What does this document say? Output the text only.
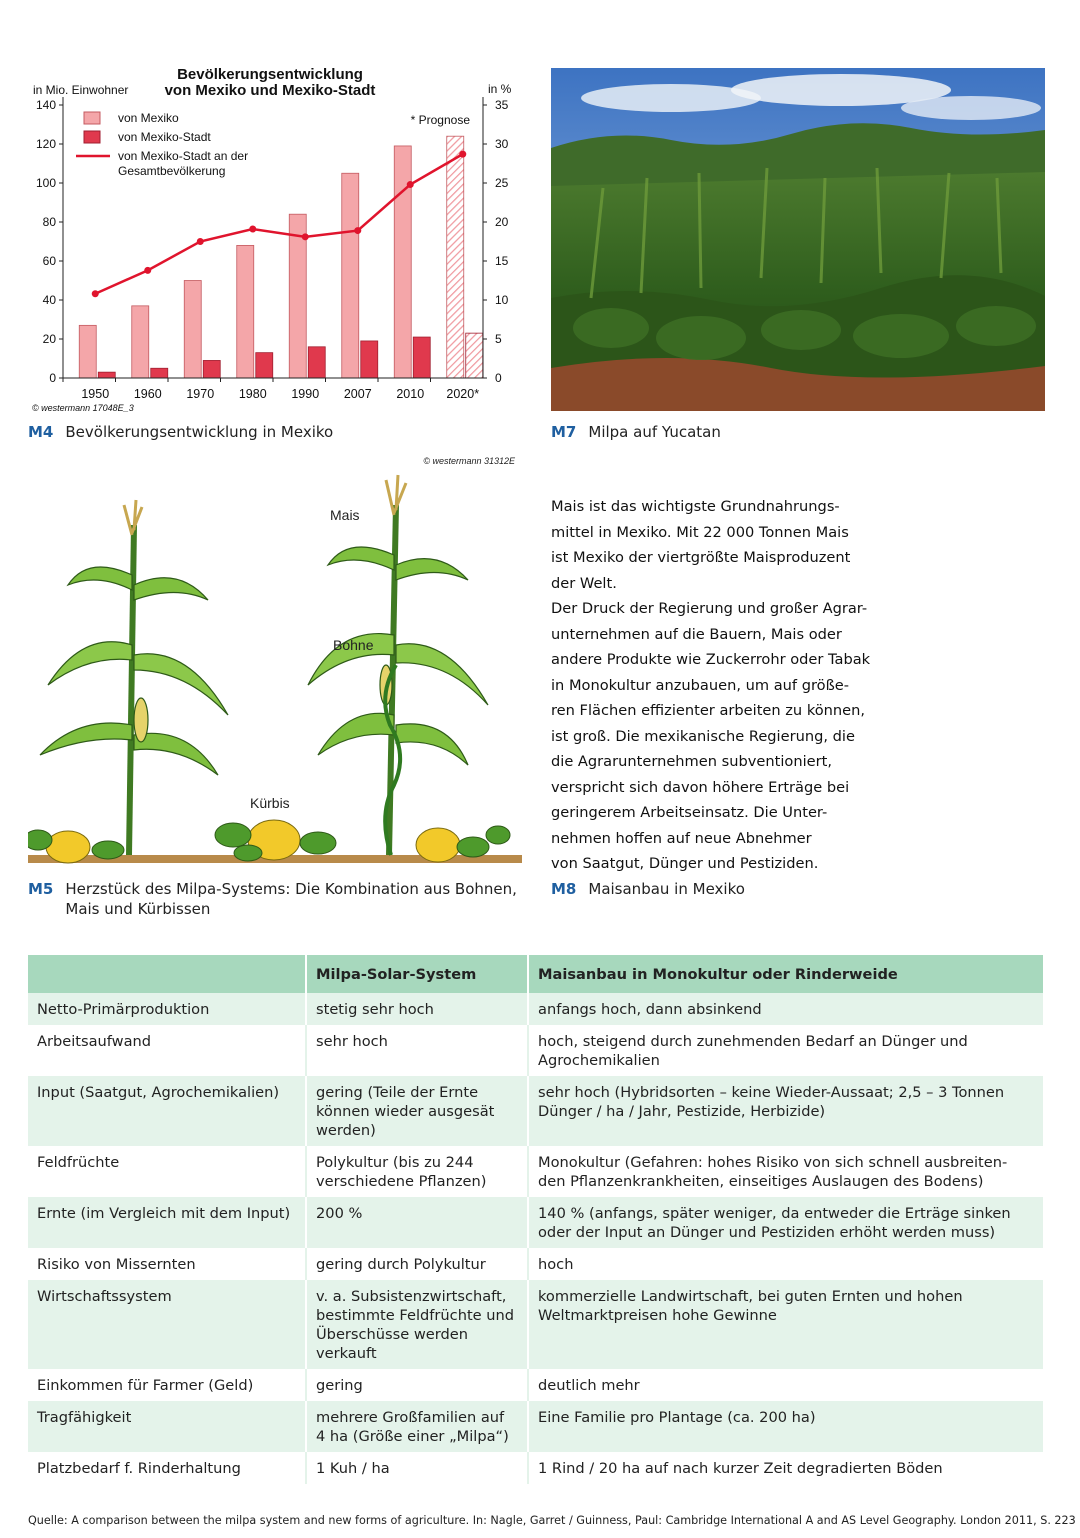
Bevölkerungsentwicklung
von Mexiko und Mexiko-Stadt
in Mio. Einwohner	in %
0
20
40
60
80
100
120
140
0
5
10
15
20
25
30
35
1950 1960 1970 1980 1990 2007 2010 2020*
von Mexiko
von Mexiko-Stadt
von Mexiko-Stadt an der Gesamtbevölkerung
* Prognose
© westermann 17048E_3
M4 Bevölkerungsentwicklung in Mexiko	M7 Milpa auf Yucatan
© westermann 31312E
Mais
Bohne
Kürbis
M5 Herzstück des Milpa-Systems: Die Kombination aus Bohnen,
Mais und Kürbissen

Mais ist das wichtigste Grundnahrungs-

mittel in Mexiko. Mit 22 000 Tonnen Mais

ist Mexiko der viertgrößte Maisproduzent

der Welt.

Der Druck der Regierung und großer Agrar-

unternehmen auf die Bauern, Mais oder

andere Produkte wie Zuckerrohr oder Tabak

in Monokultur anzubauen, um auf größe-

ren Flächen effizienter arbeiten zu können,

ist groß. Die mexikanische Regierung, die

die Agrarunternehmen subventioniert,

verspricht sich davon höhere Erträge bei

geringerem Arbeitseinsatz. Die Unter-

nehmen hoffen auf neue Abnehmer

von Saatgut, Dünger und Pestiziden.

M8 Maisanbau in Mexiko
	Milpa-Solar-System	Maisanbau in Monokultur oder Rinderweide
Netto-Primärproduktion	stetig sehr hoch	anfangs hoch, dann absinkend
Arbeitsaufwand	sehr hoch	hoch, steigend durch zunehmenden Bedarf an Dünger und Agrochemikalien
Input (Saatgut, Agrochemikalien)	gering (Teile der Ernte können wieder ausgesät werden)	sehr hoch (Hybridsorten – keine Wieder-Aussaat; 2,5 – 3 Tonnen Dünger / ha / Jahr, Pestizide, Herbizide)
Feldfrüchte	Polykultur (bis zu 244 verschiedene Pflanzen)	Monokultur (Gefahren: hohes Risiko von sich schnell ausbreiten-den Pflanzenkrankheiten, einseitiges Auslaugen des Bodens)
Ernte (im Vergleich mit dem Input)	200 %	140 % (anfangs, später weniger, da entweder die Erträge sinken oder der Input an Dünger und Pestiziden erhöht werden muss)
Risiko von Missernten	gering durch Polykultur	hoch
Wirtschaftssystem	v. a. Subsistenzwirtschaft, bestimmte Feldfrüchte und Überschüsse werden verkauft	kommerzielle Landwirtschaft, bei guten Ernten und hohen Weltmarktpreisen hohe Gewinne
Einkommen für Farmer (Geld)	gering	deutlich mehr
Tragfähigkeit	mehrere Großfamilien auf 4 ha (Größe einer „Milpa“)	Eine Familie pro Plantage (ca. 200 ha)
Platzbedarf f. Rinderhaltung	1 Kuh / ha	1 Rind / 20 ha auf nach kurzer Zeit degradierten Böden
Quelle: A comparison between the milpa system and new forms of agriculture. In: Nagle, Garret / Guinness, Paul: Cambridge International A and AS Level Geography. London 2011, S. 223
